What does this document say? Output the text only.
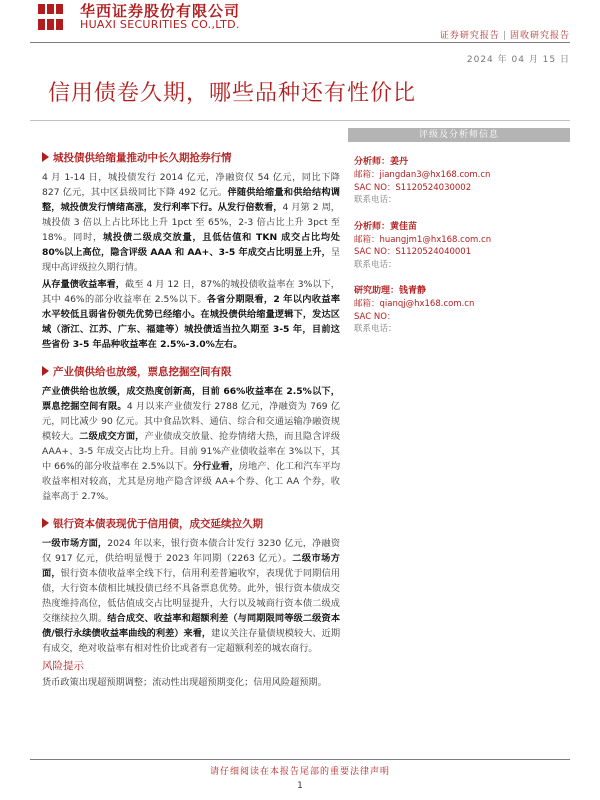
华西证券股份有限公司
HUAXI SECURITIES CO.,LTD.
证券研究报告 | 固收研究报告
2024 年 04 月 15 日
信用债卷久期，哪些品种还有性价比
城投债供给缩量推动中长久期抢券行情
4 月 1-14 日，城投债发行 2014 亿元，净融资仅 54 亿元，同比下降 827 亿元，其中区县级同比下降 492 亿元。伴随供给缩量和供给结构调整，城投债发行情绪高涨，发行利率下行。从发行倍数看，4 月第 2 周，城投债 3 倍以上占比环比上升 1pct 至 65%，2-3 倍占比上升 3pct 至 18%。同时，城投债二级成交放量，且低估值和 TKN 成交占比均处 80%以上高位，隐含评级 AAA 和 AA+、3-5 年成交占比明显上升，呈现中高评级拉久期行情。
从存量债收益率看，截至 4 月 12 日，87%的城投债收益率在 3%以下，其中 46%的部分收益率在 2.5%以下。各省分期限看，2 年以内收益率水平较低且弱省份领先优势已经缩小。在城投债供给缩量逻辑下，发达区域（浙江、江苏、广东、福建等）城投债适当拉久期至 3-5 年，目前这些省份 3-5 年品种收益率在 2.5%-3.0%左右。
产业债供给也放缓，票息挖掘空间有限
产业债供给也放缓，成交热度创新高，目前 66%收益率在 2.5%以下，票息挖掘空间有限。4 月以来产业债发行 2788 亿元，净融资为 769 亿元，同比减少 90 亿元。其中食品饮料、通信、综合和交通运输净融资规模较大。二级成交方面，产业债成交放量、抢券情绪大热，而且隐含评级 AAA+、3-5 年成交占比均上升。目前 91%产业债收益率在 3%以下，其中 66%的部分收益率在 2.5%以下。分行业看，房地产、化工和汽车平均收益率相对较高，尤其是房地产隐含评级 AA+个券、化工 AA 个券，收益率高于 2.7%。
银行资本债表现优于信用债，成交延续拉久期
一级市场方面，2024 年以来，银行资本债合计发行 3230 亿元，净融资仅 917 亿元，供给明显慢于 2023 年同期（2263 亿元）。二级市场方面，银行资本债收益率全线下行，信用利差普遍收窄，表现优于同期信用债，大行资本债相比城投债已经不具备票息优势。此外，银行资本债成交热度维持高位，低估值成交占比明显提升，大行以及城商行资本债二级成交继续拉久期。结合成交、收益率和超额利差（与同期限同等级二级资本债/银行永续债收益率曲线的利差）来看，建议关注存量债规模较大、近期有成交，绝对收益率有相对性价比或者有一定超额利差的城农商行。
风险提示
货币政策出现超预期调整；流动性出现超预期变化；信用风险超预期。
评级及分析师信息
分析师：姜丹
邮箱：jiangdan3@hx168.com.cn
SAC NO：S1120524030002
联系电话：
分析师：黄佳苗
邮箱：huangjm1@hx168.com.cn
SAC NO：S1120524040001
联系电话：
研究助理：钱青静
邮箱：qianqj@hx168.com.cn
SAC NO：
联系电话：
请仔细阅读在本报告尾部的重要法律声明
1
